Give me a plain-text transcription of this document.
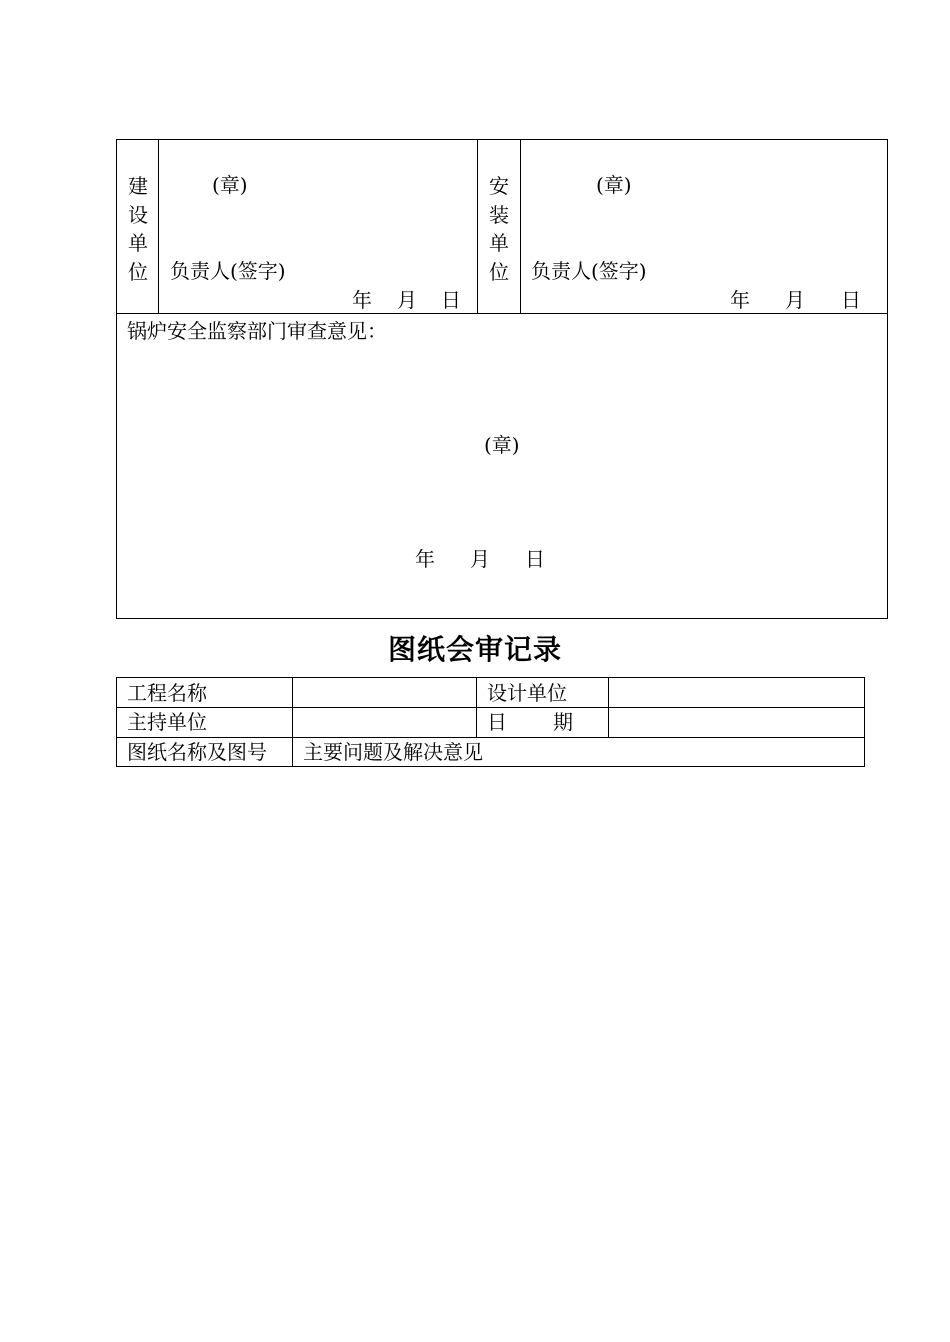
建
设
单
位
(章)
负责人(签字)
年 月 日
安
装
单
位
(章)
负责人(签字)
年 月 日
锅炉安全监察部门审查意见：
(章)
年 月 日
图纸会审记录
工程名称	设计单位
主持单位	日 期
图纸名称及图号 主要问题及解决意见
